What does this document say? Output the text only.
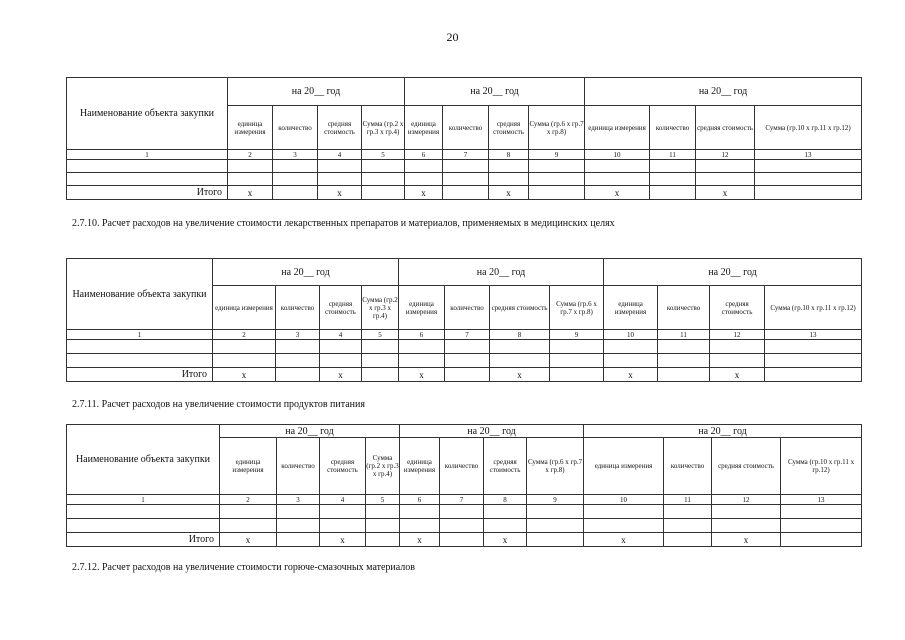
20
Наименование объекта закупки	на 20__ год				на 20__ год				на 20__ год			
	единица измерения	количество	средняя стоимость	Сумма (гр.2 х гр.3 х гр.4)	единица измерения	количество	средняя стоимость	Сумма (гр.6 х гр.7 х гр.8)	единица измерения	количество	средняя стоимость	Сумма (гр.10 х гр.11 х гр.12)
1	2	3	4	5	6	7	8	9	10	11	12	13

Итого	x		x		x		x		x		x	
2.7.10. Расчет расходов на увеличение стоимости лекарственных препаратов и материалов, применяемых в медицинских целях
Наименование объекта закупки	на 20__ год				на 20__ год				на 20__ год			
	единица измерения	количество	средняя стоимость	Сумма (гр.2 х гр.3 х гр.4)	единица измерения	количество	средняя стоимость	Сумма (гр.6 х гр.7 х гр.8)	единица измерения	количество	средняя стоимость	Сумма (гр.10 х гр.11 х гр.12)
1	2	3	4	5	6	7	8	9	10	11	12	13

Итого	x		x		x		x		x		x	
2.7.11. Расчет расходов на увеличение стоимости продуктов питания
Наименование объекта закупки	на 20__ год				на 20__ год				на 20__ год			
	единица измерения	количество	средняя стоимость	Сумма (гр.2 х гр.3 х гр.4)	единица измерения	количество	средняя стоимость	Сумма (гр.6 х гр.7 х гр.8)	единица измерения	количество	средняя стоимость	Сумма (гр.10 х гр.11 х гр.12)
1	2	3	4	5	6	7	8	9	10	11	12	13

Итого	x		x		x		x		x		x	
2.7.12. Расчет расходов на увеличение стоимости горюче-смазочных материалов
